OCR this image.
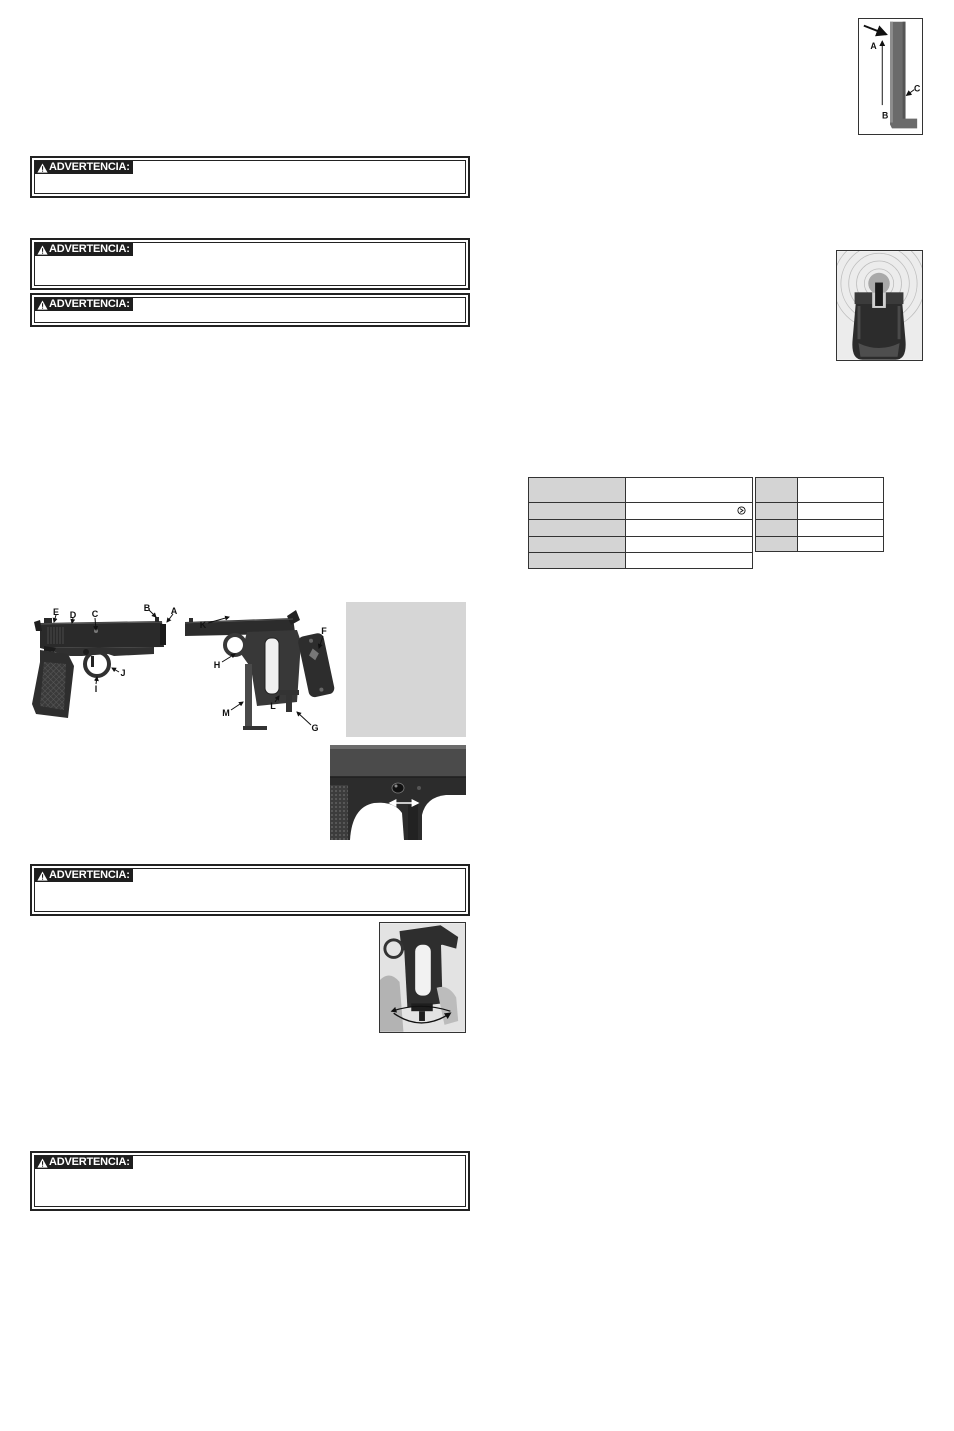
ADVERTENCIA:
ADVERTENCIA:
ADVERTENCIA:
ADVERTENCIA:
ADVERTENCIA:
A
B
C

E D C
B A
J
I
K
H
F
L
M
G
